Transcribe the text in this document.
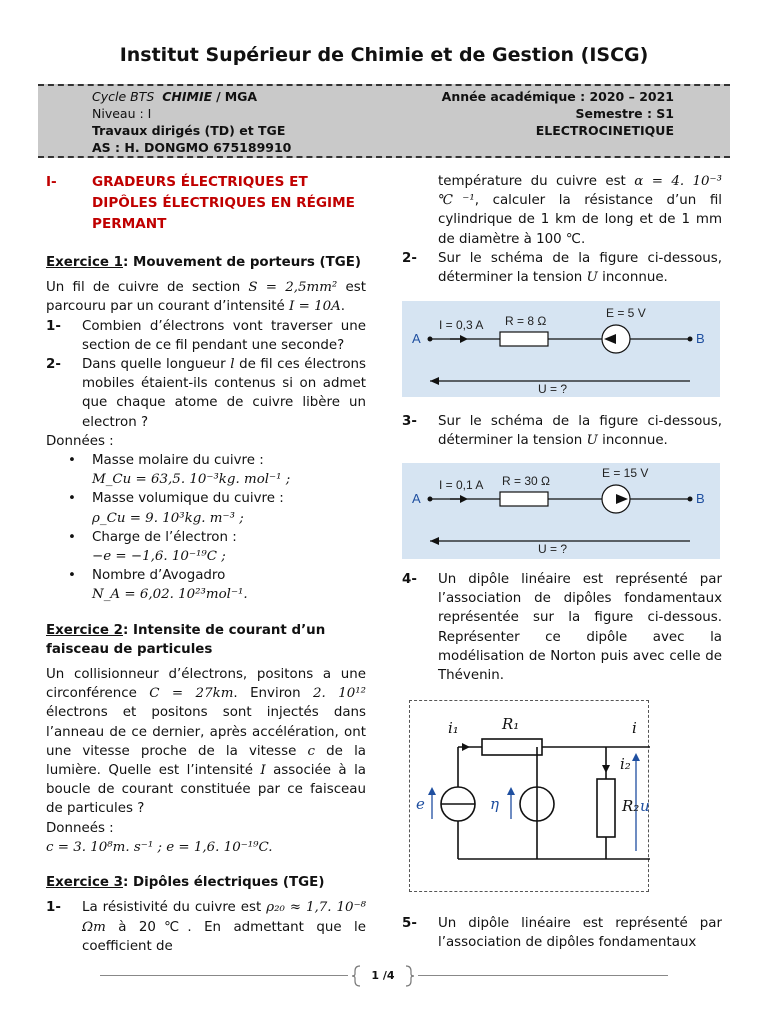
Institut Supérieur de Chimie et de Gestion (ISCG)
Cycle BTS CHIMIE / MGA	Année académique : 2020 – 2021
Niveau : I	Semestre : S1
Travaux dirigés (TD) et TGE	ELECTROCINETIQUE
AS : H. DONGMO 675189910
I-	GRADEURS ÉLECTRIQUES ET DIPÔLES ÉLECTRIQUES EN RÉGIME PERMANT
Exercice 1: Mouvement de porteurs (TGE)
Un fil de cuivre de section S = 2,5mm² est parcouru par un courant d’intensité I = 10A.
1-	Combien d’électrons vont traverser une section de ce fil pendant une seconde?
2-	Dans quelle longueur l de fil ces électrons mobiles étaient-ils contenus si on admet que chaque atome de cuivre libère un electron ?
Données :
•	Masse molaire du cuivre :
M_Cu = 63,5. 10⁻³kg. mol⁻¹ ;
•	Masse volumique du cuivre :
ρ_Cu = 9. 10³kg. m⁻³ ;
•	Charge de l’électron :
−e = −1,6. 10⁻¹⁹C ;
•	Nombre d’Avogadro
N_A = 6,02. 10²³mol⁻¹.
Exercice 2: Intensite de courant d’un faisceau de particules
Un collisionneur d’électrons, positons a une circonférence C = 27km. Environ 2. 10¹² électrons et positons sont injectés dans l’anneau de ce dernier, après accélération, ont une vitesse proche de la vitesse c de la lumière. Quelle est l’intensité I associée à la boucle de courant constituée par ce faisceau de particules ?
Donneés :
c = 3. 10⁸m. s⁻¹ ; e = 1,6. 10⁻¹⁹C.
Exercice 3: Dipôles électriques (TGE)
1-	La résistivité du cuivre est ρ₂₀ ≈ 1,7. 10⁻⁸ Ωm à 20℃. En admettant que le coefficient de
température du cuivre est α = 4. 10⁻³ ℃⁻¹, calculer la résistance d’un fil cylindrique de 1 km de long et de 1 mm de diamètre à 100 ℃.
2-	Sur le schéma de la figure ci-dessous, déterminer la tension U inconnue.
3-	Sur le schéma de la figure ci-dessous, déterminer la tension U inconnue.
4-	Un dipôle linéaire est représenté par l’association de dipôles fondamentaux représentée sur la figure ci-dessous. Représenter ce dipôle avec la modélisation de Norton puis avec celle de Thévenin.
5-	Un dipôle linéaire est représenté par l’association de dipôles fondamentaux
I = 0,3 A R = 8 Ω
E = 5 V
A	B
U = ?
I = 0,1 A R = 30 Ω
E = 15 V
A	B
U = ?
i₁	R₁	i
i₂
e	η	R₂ u
1 /4
